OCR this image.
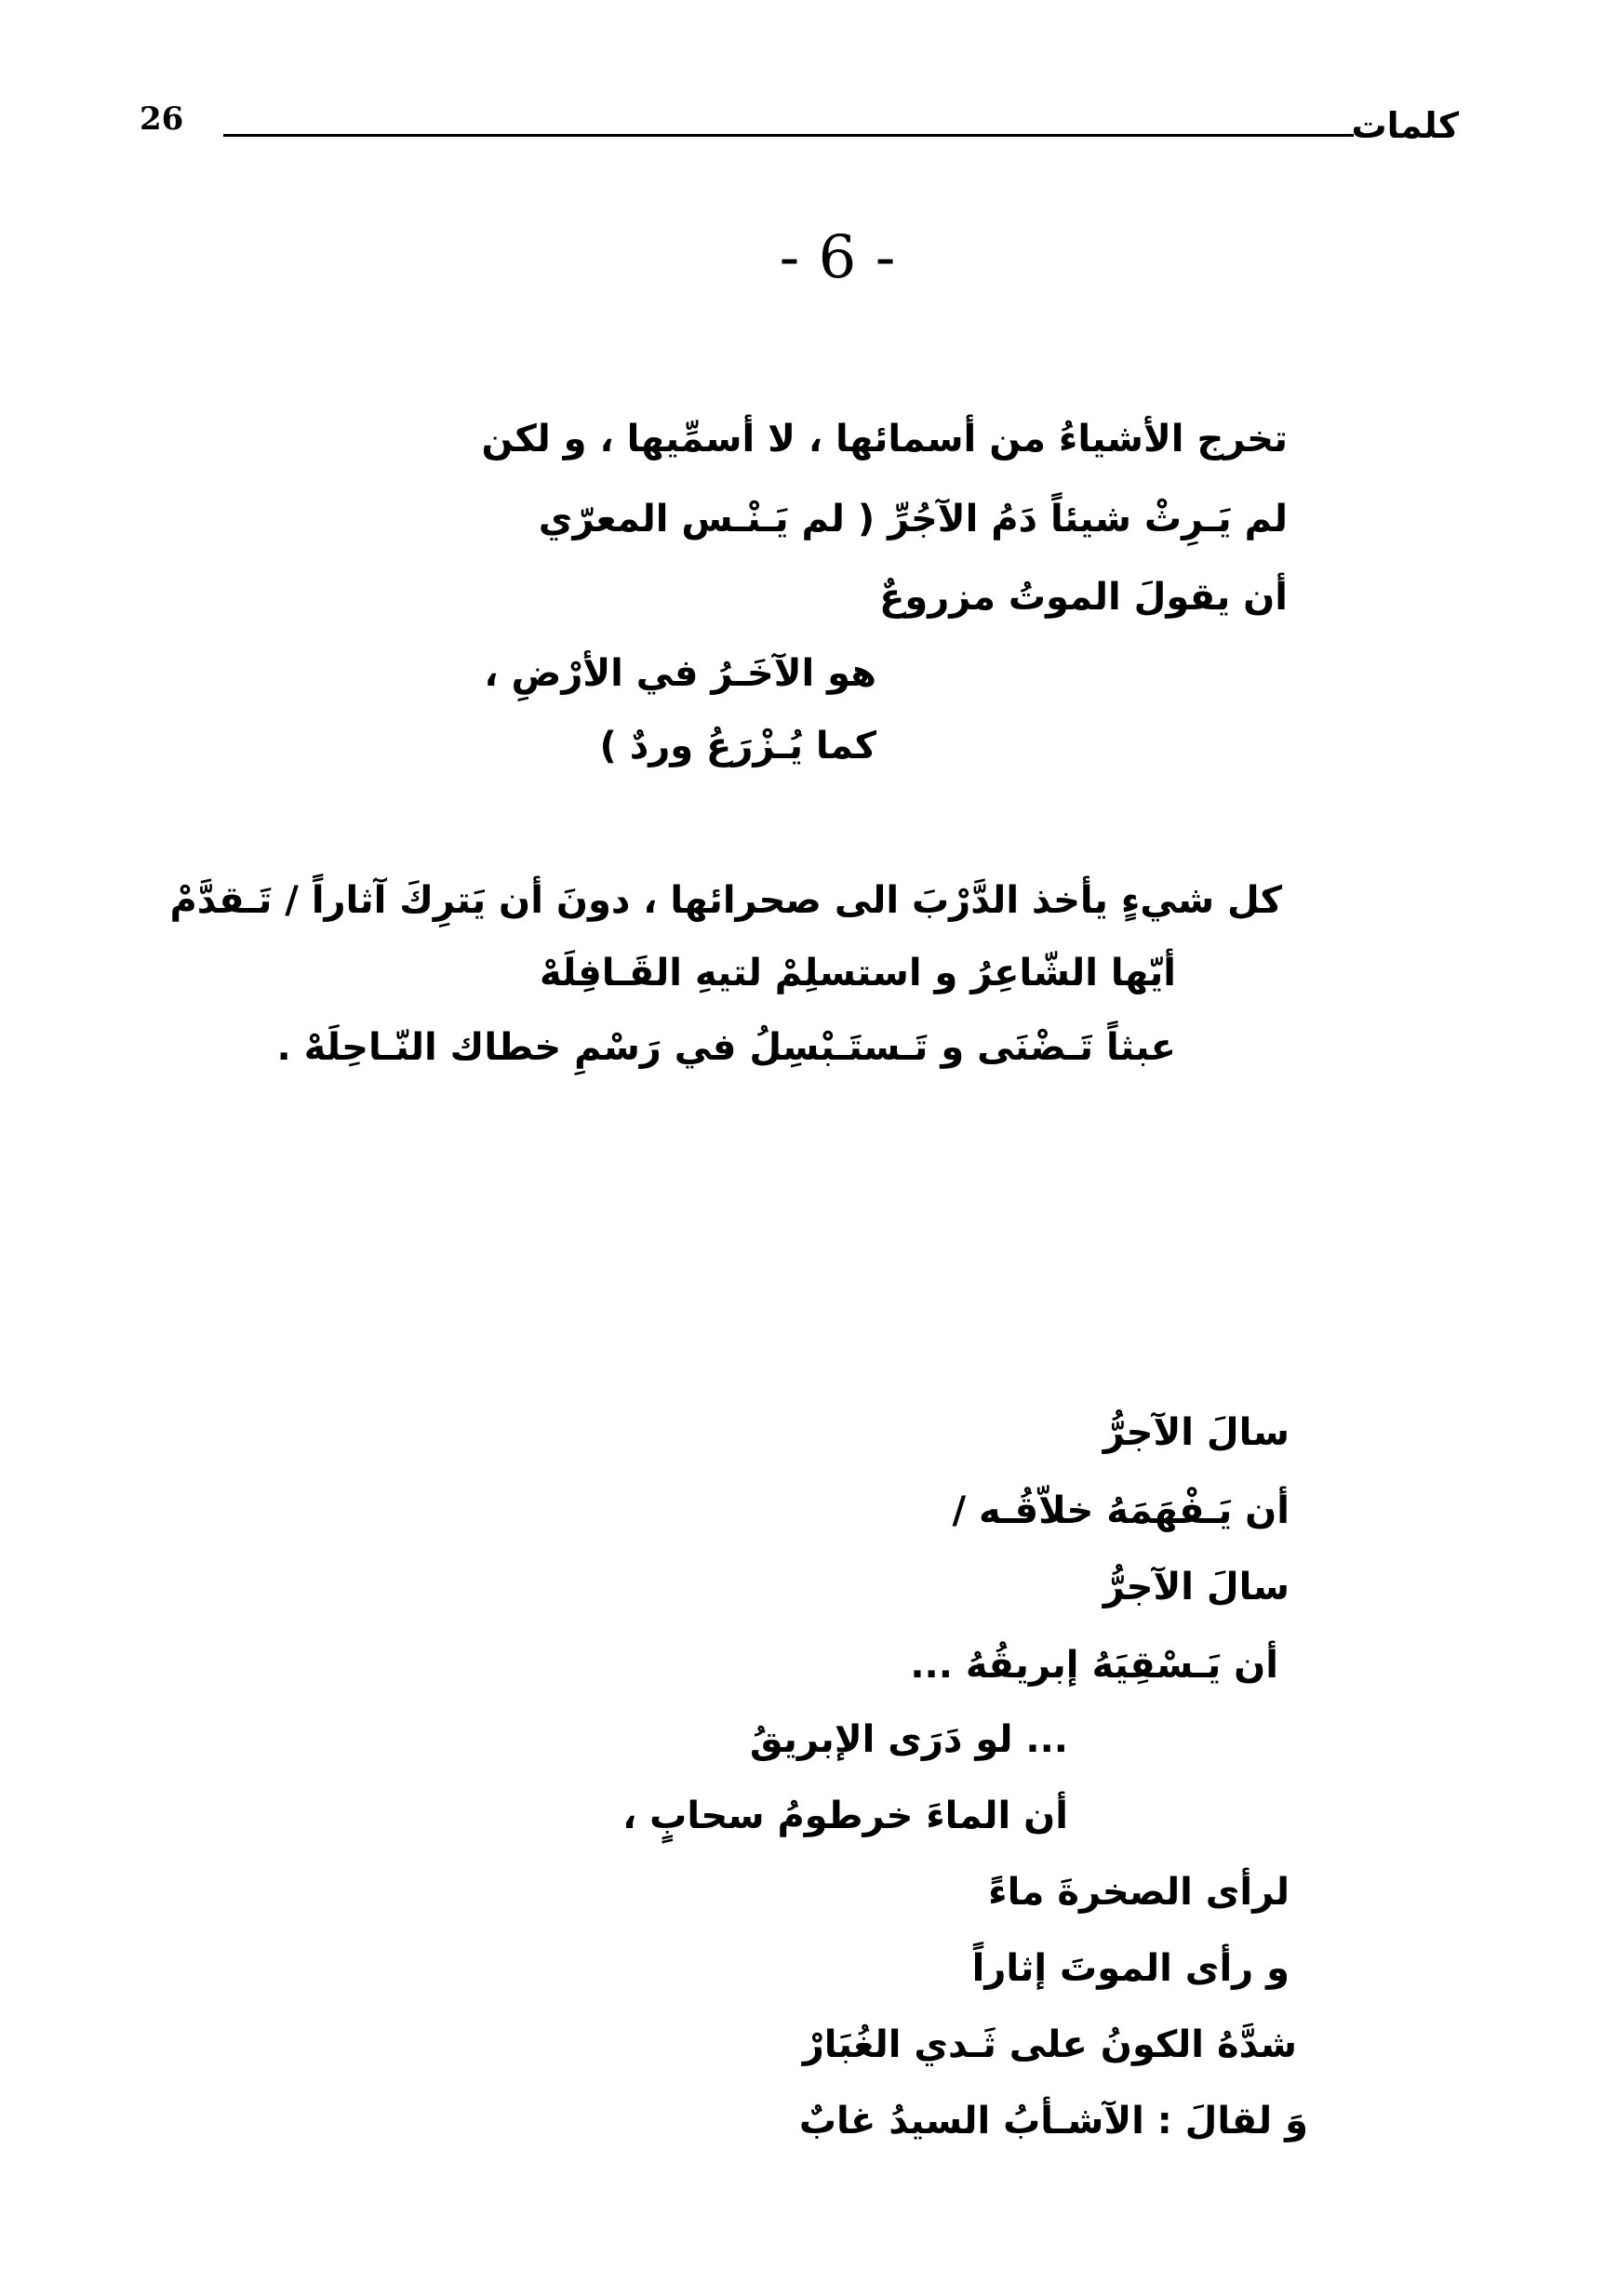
26	كلمات
- 6 -
تخرج الأشياءُ من أسمائها ، لا أسمِّيها ، و لكن
لم يَـرِثْ شيئاً دَمُ الآجُرِّ ( لم يَـنْـس المعرّي
أن يقولَ الموتُ مزروعٌ
هو الآخَـرُ في الأرْضِ ،
كما يُـزْرَعُ وردٌ )
كل شيءٍ يأخذ الدَّرْبَ الى صحرائها ، دونَ أن يَترِكَ آثاراً / تَـقدَّمْ
أيّها الشّاعِرُ و استسلِمْ لتيهِ القَـافِلَهْ
عبثاً تَـضْنَى و تَـستَـبْسِلُ في رَسْمِ خطاك النّـاحِلَهْ .
سالَ الآجرُّ
أن يَـفْهَمَهُ خلاّقُـه /
سالَ الآجرُّ
أن يَـسْقِيَهُ إبريقُهُ ...
... لو دَرَى الإبريقُ
أن الماءَ خرطومُ سحابٍ ،
لرأى الصخرةَ ماءً
و رأى الموتَ إثاراً
شدَّهُ الكونُ على ثَـدي الغُبَارْ
وَ لقالَ : الآشـأبُ السيدُ غابٌ
